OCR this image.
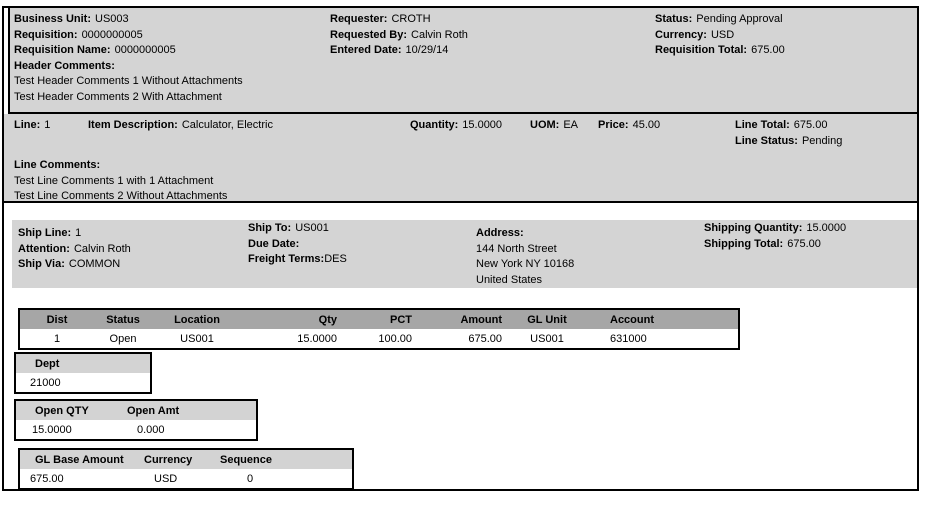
Business Unit: US003
Requisition: 0000000005
Requisition Name: 0000000005
Header Comments:
Test Header Comments 1 Without Attachments
Test Header Comments 2 With Attachment
Requester: CROTH
Requested By: Calvin Roth
Entered Date: 10/29/14
Status: Pending Approval
Currency: USD
Requisition Total: 675.00
Line: 1	Item Description: Calculator, Electric	Quantity: 15.0000	UOM: EA Price: 45.00	Line Total: 675.00
Line Status: Pending
Line Comments:
Test Line Comments 1 with 1 Attachment
Test Line Comments 2 Without Attachments
Ship Line: 1
Attention: Calvin Roth
Ship Via: COMMON
Ship To: US001
Due Date:
Freight Terms:DES
Address:
144 North Street
New York NY 10168
United States
Shipping Quantity: 15.0000
Shipping Total: 675.00
Dist	Status	Location	Qty	PCT	Amount	GL Unit	Account
1	Open	US001	15.0000	100.00	675.00	US001	631000
Dept
21000
Open QTY	Open Amt
15.0000	0.000
GL Base Amount	Currency	Sequence
675.00	USD	0
